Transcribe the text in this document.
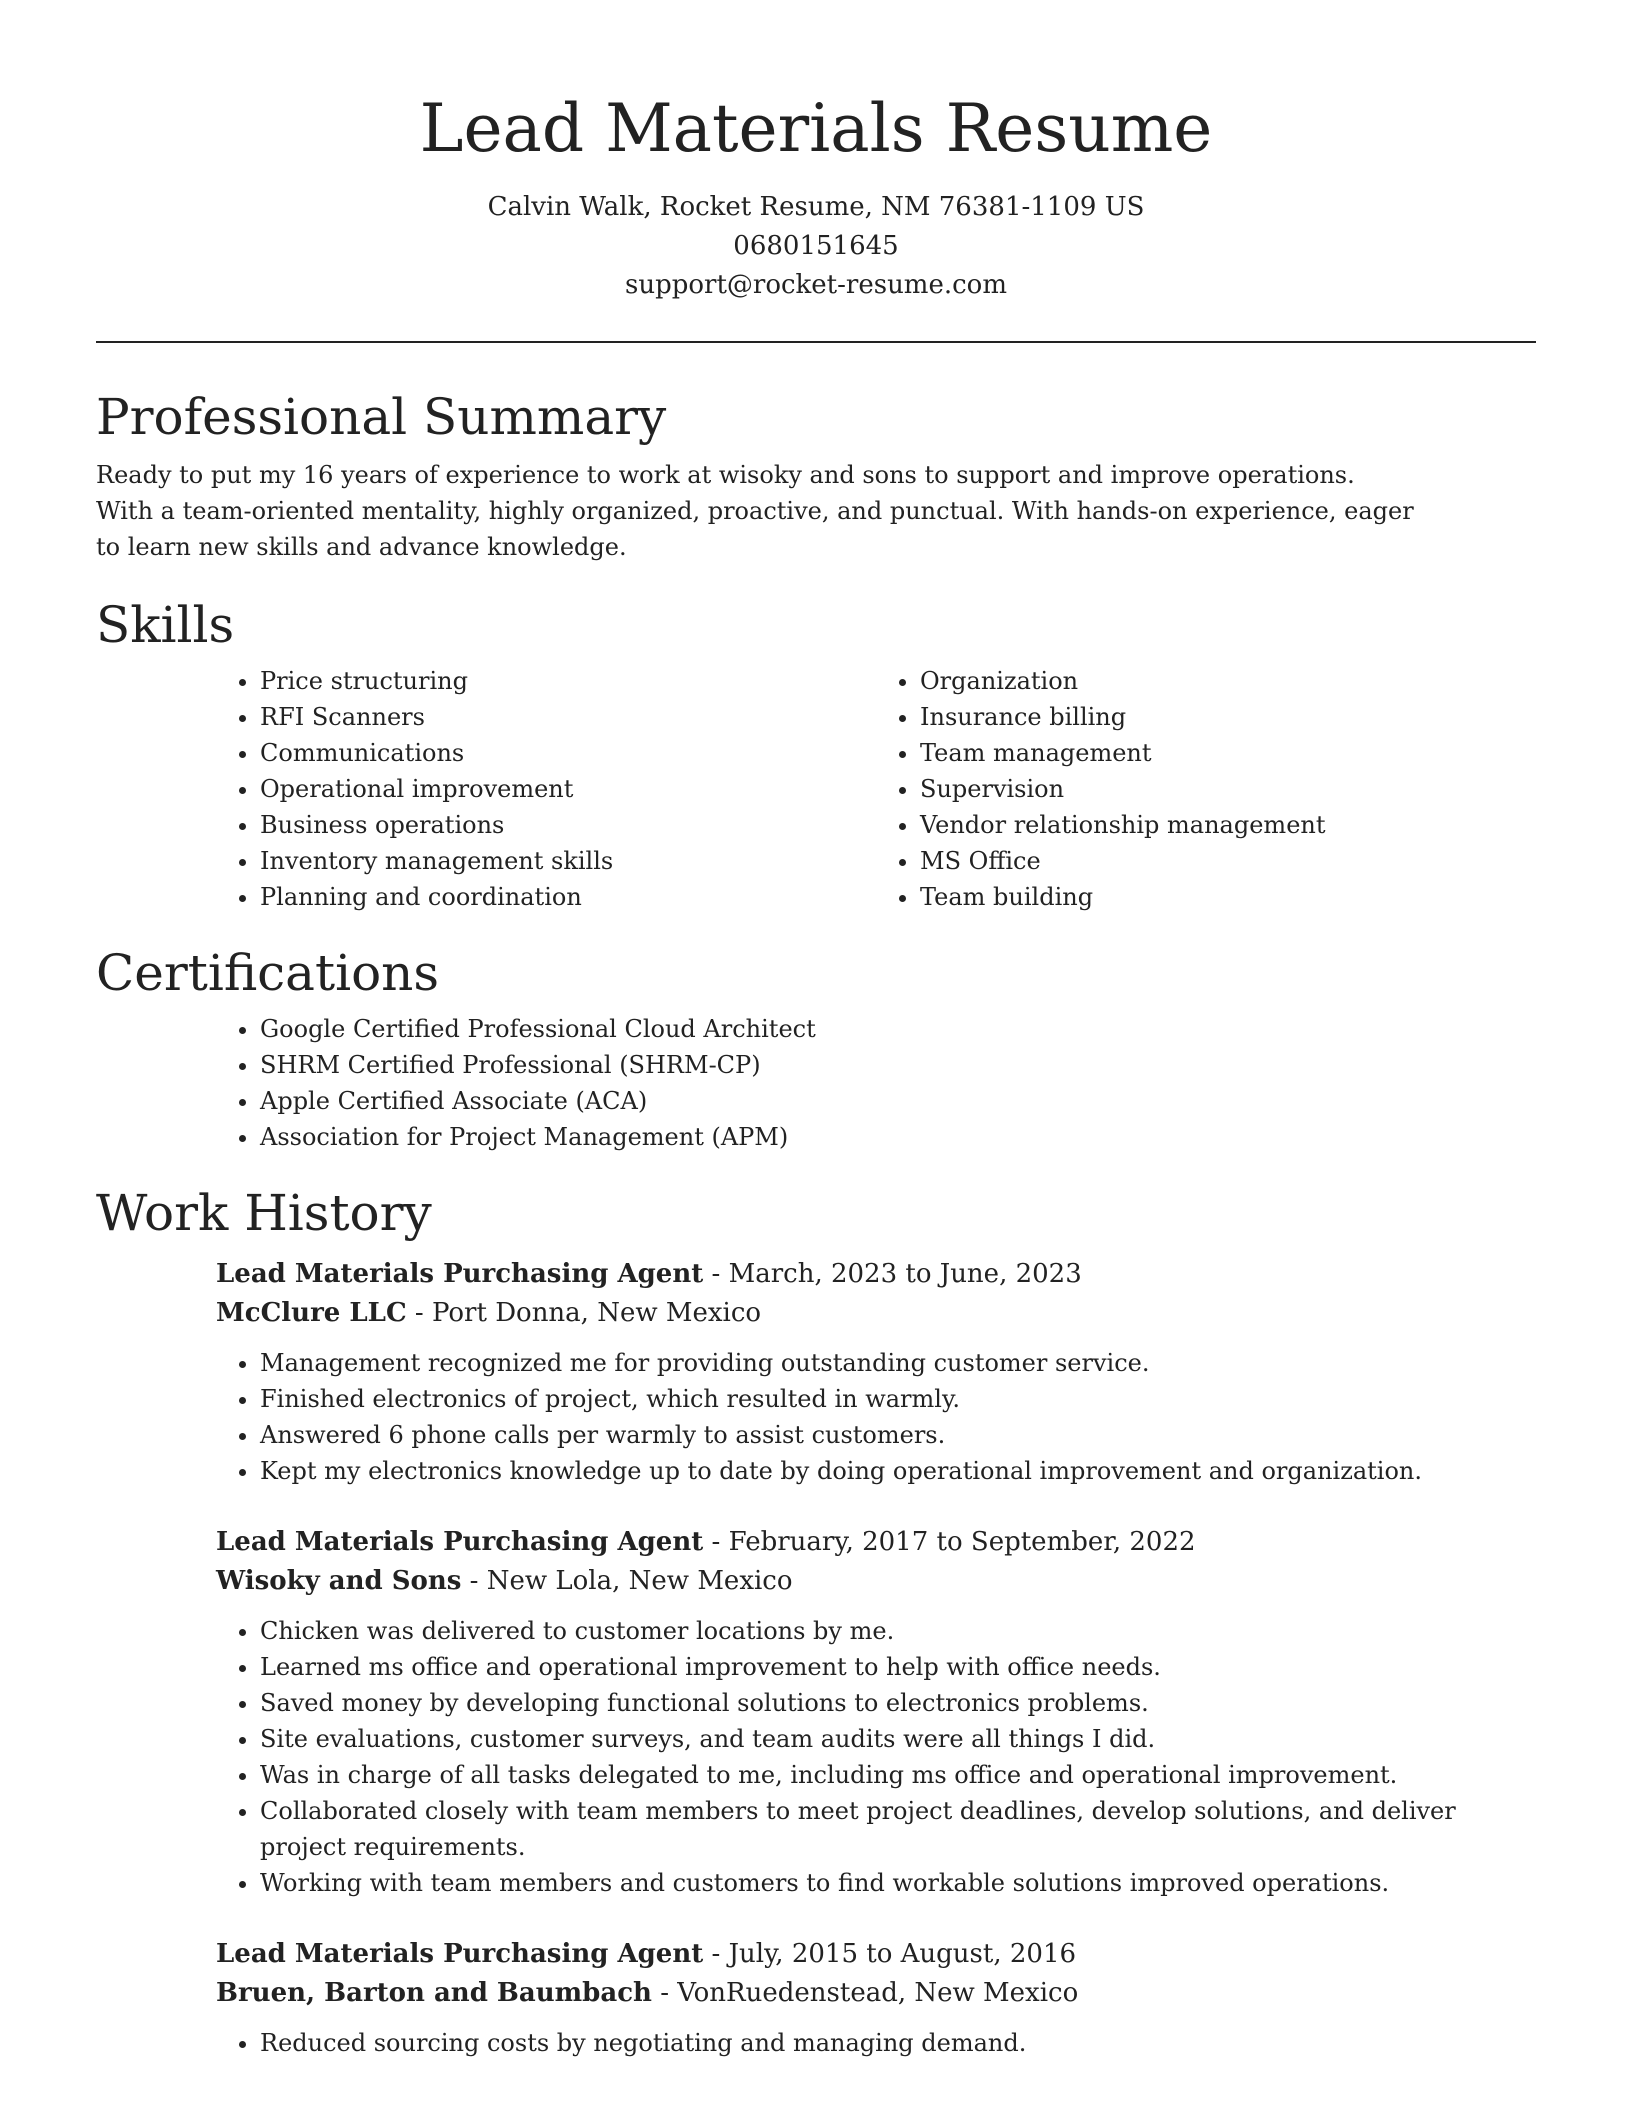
Lead Materials Resume
Calvin Walk, Rocket Resume, NM 76381-1109 US
0680151645
support@rocket-resume.com
Professional Summary

Ready to put my 16 years of experience to work at wisoky and sons to support and improve operations. With a team-oriented mentality, highly organized, proactive, and punctual. With hands-on experience, eager to learn new skills and advance knowledge.

Skills
• Price structuring
• RFI Scanners
• Communications
• Operational improvement
• Business operations
• Inventory management skills
• Planning and coordination
• Organization
• Insurance billing
• Team management
• Supervision
• Vendor relationship management
• MS Office
• Team building
Certifications
• Google Certified Professional Cloud Architect
• SHRM Certified Professional (SHRM-CP)
• Apple Certified Associate (ACA)
• Association for Project Management (APM)
Work History
Lead Materials Purchasing Agent - March, 2023 to June, 2023
McClure LLC - Port Donna, New Mexico
• Management recognized me for providing outstanding customer service.
• Finished electronics of project, which resulted in warmly.
• Answered 6 phone calls per warmly to assist customers.
• Kept my electronics knowledge up to date by doing operational improvement and organization.
Lead Materials Purchasing Agent - February, 2017 to September, 2022
Wisoky and Sons - New Lola, New Mexico
• Chicken was delivered to customer locations by me.
• Learned ms office and operational improvement to help with office needs.
• Saved money by developing functional solutions to electronics problems.
• Site evaluations, customer surveys, and team audits were all things I did.
• Was in charge of all tasks delegated to me, including ms office and operational improvement.
• Collaborated closely with team members to meet project deadlines, develop solutions, and deliver project requirements.
• Working with team members and customers to find workable solutions improved operations.
Lead Materials Purchasing Agent - July, 2015 to August, 2016
Bruen, Barton and Baumbach - VonRuedenstead, New Mexico
• Reduced sourcing costs by negotiating and managing demand.
